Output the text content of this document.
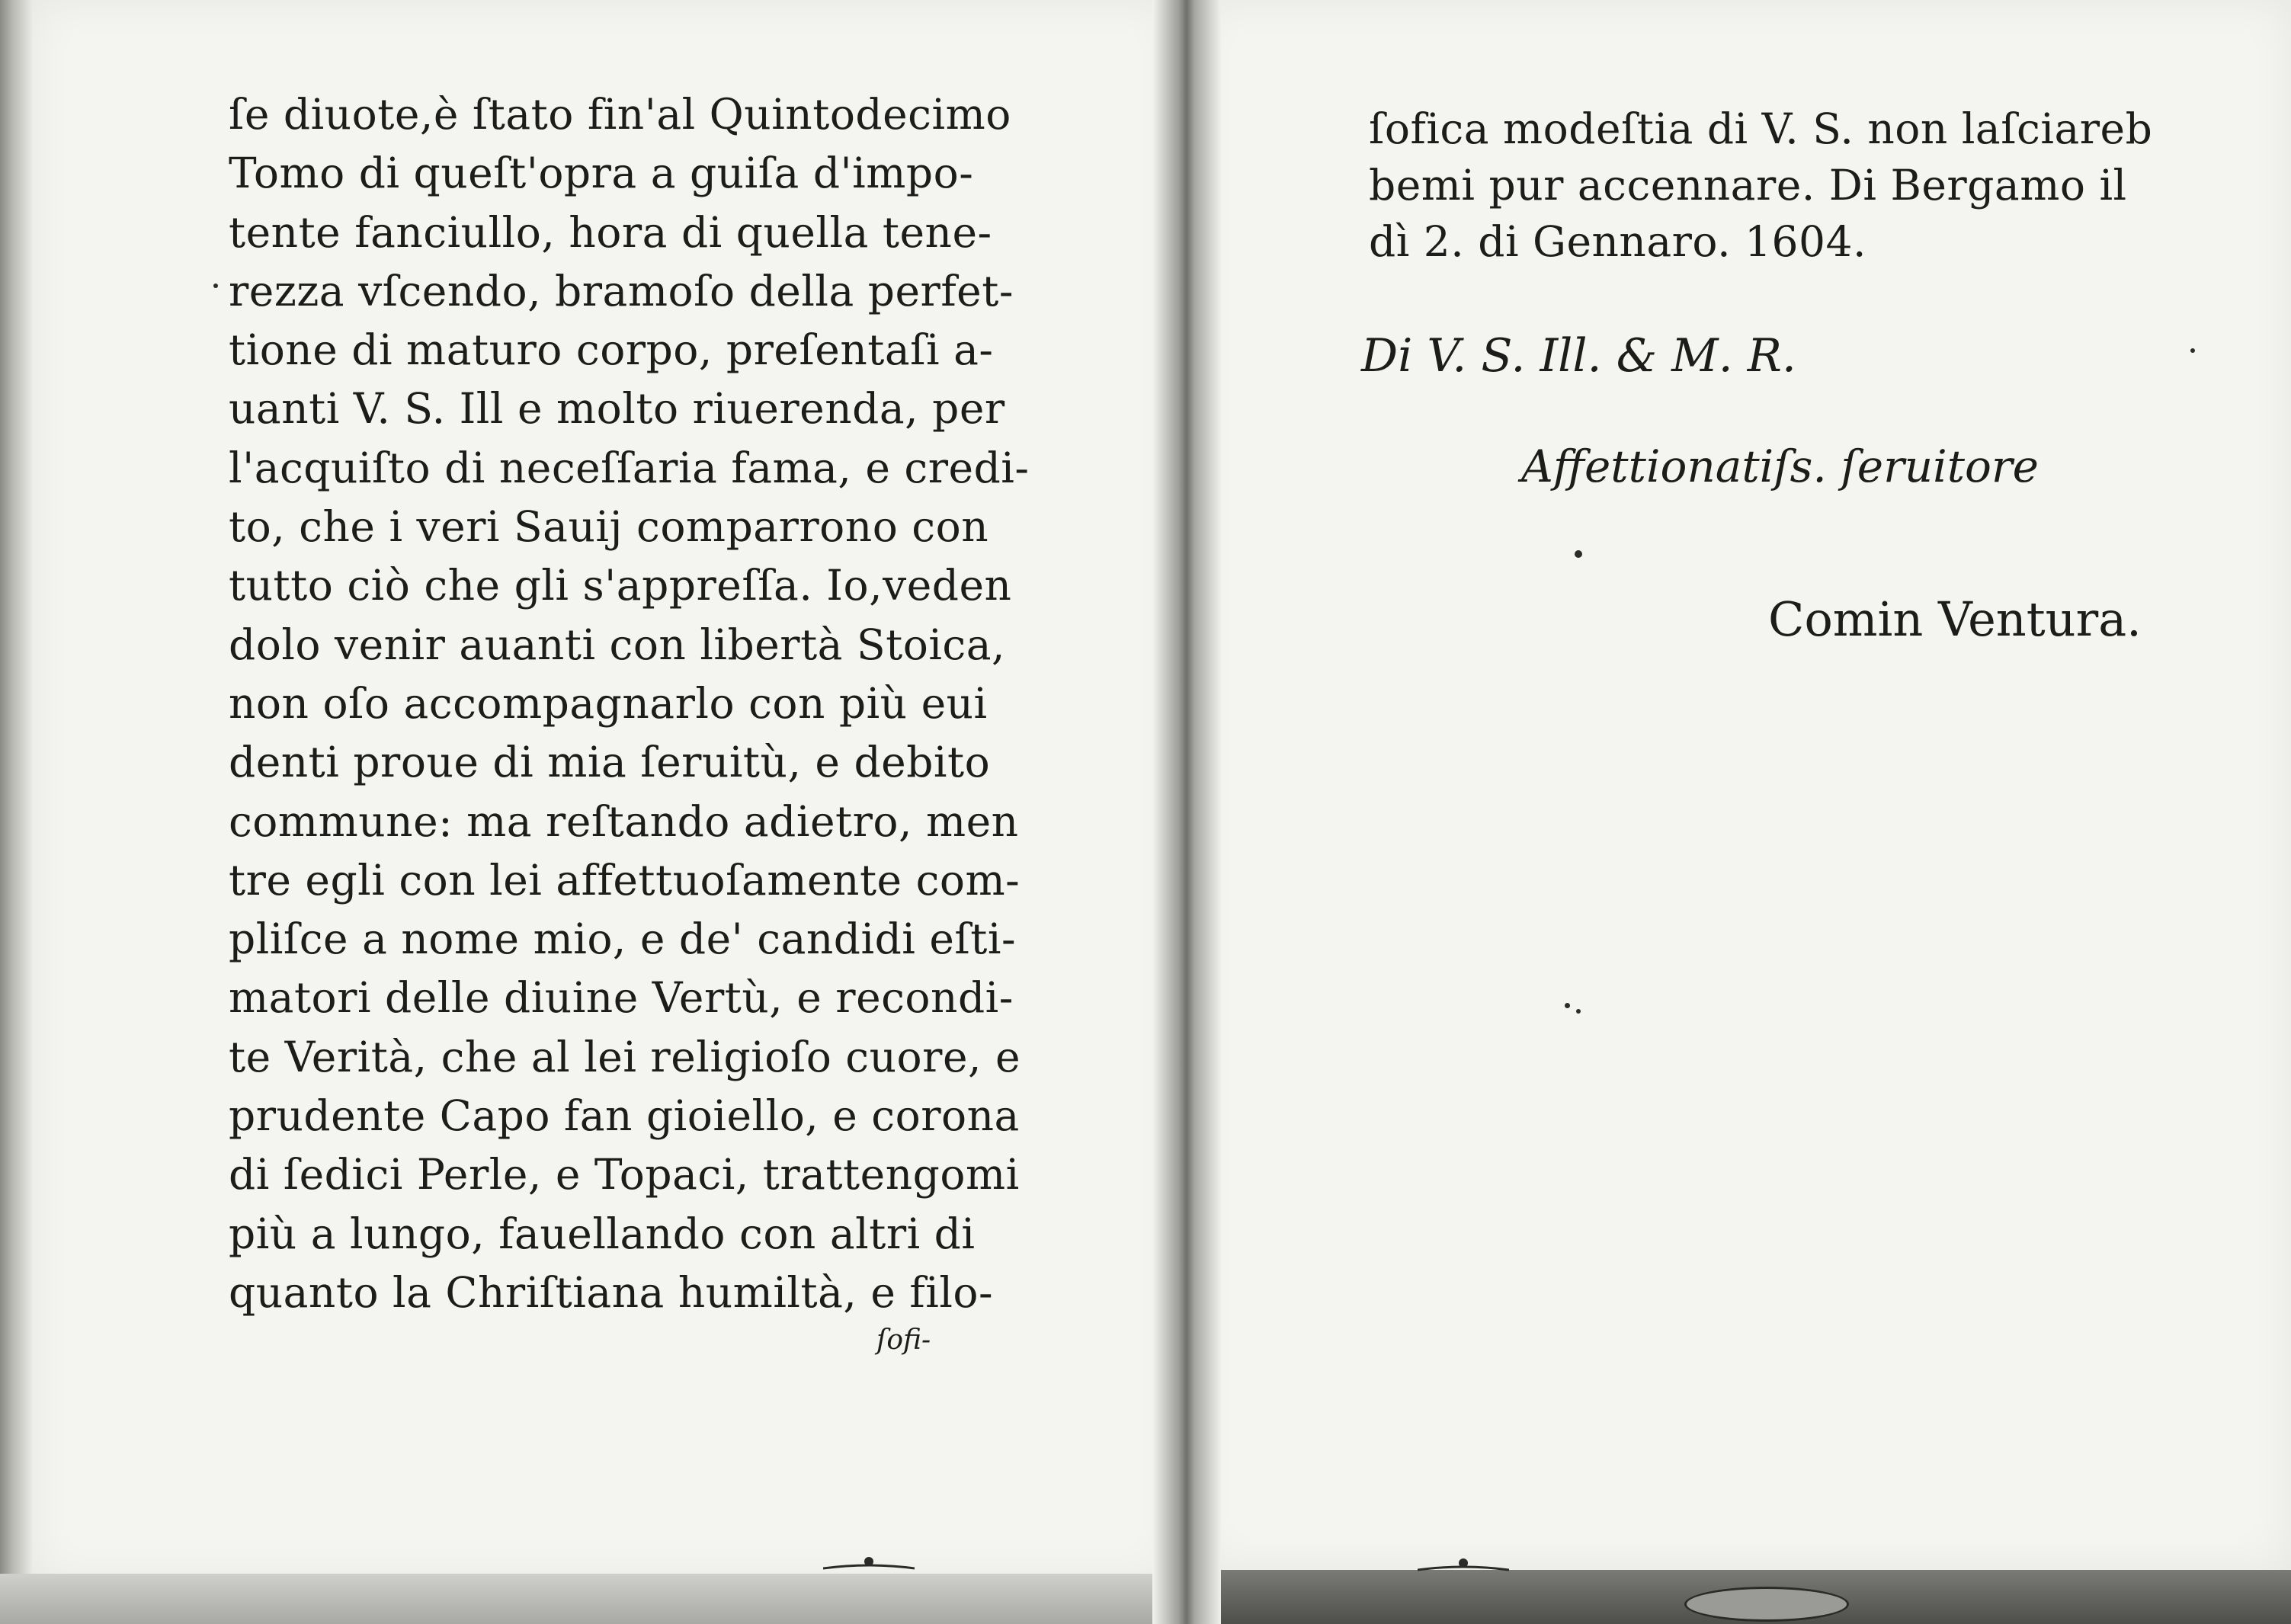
ſe diuote,è ſtato fin'al Quintodecimo
Tomo di queſt'opra a guiſa d'impo-
tente fanciullo, hora di quella tene-
rezza vſcendo, bramoſo della perfet-
tione di maturo corpo, preſentaſi a-
uanti V. S. Ill e molto riuerenda, per
l'acquiſto di neceſſaria fama, e credi-
to, che i veri Sauij comparrono con
tutto ciò che gli s'appreſſa. Io,veden
dolo venir auanti con libertà Stoica,
non oſo accompagnarlo con più eui
denti proue di mia ſeruitù, e debito
commune: ma reſtando adietro, men
tre egli con lei affettuoſamente com-
pliſce a nome mio, e de' candidi eſti-
matori delle diuine Vertù, e recondi-
te Verità, che al lei religioſo cuore, e
prudente Capo fan gioiello, e corona
di ſedici Perle, e Topaci, trattengomi
più a lungo, fauellando con altri di
quanto la Chriſtiana humiltà, e filo-
ſofi-
ſofica modeſtia di V. S. non laſciareb
bemi pur accennare. Di Bergamo il
dì 2. di Gennaro. 1604.
Di V. S. Ill. & M. R.
Affettionatiſs. ſeruitore
Comin Ventura.
